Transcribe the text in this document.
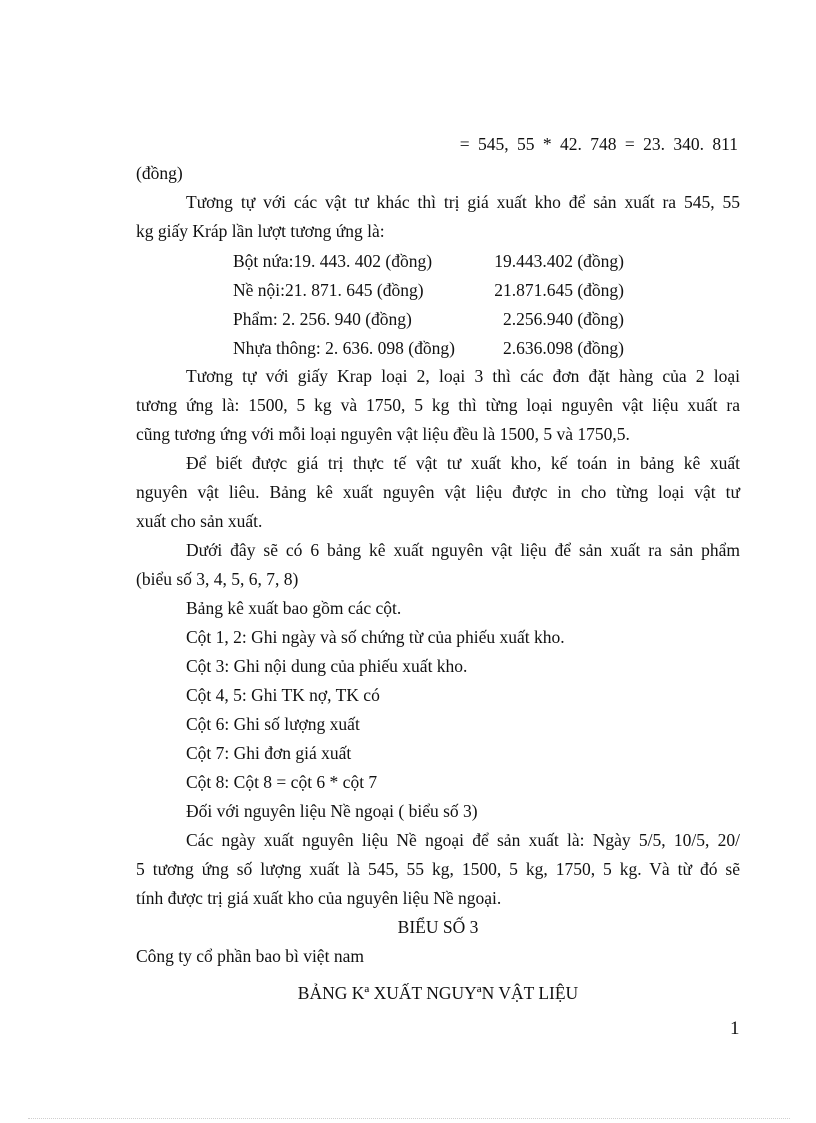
= 545, 55 * 42. 748 = 23. 340. 811
(đồng)
Tương tự với các vật tư khác thì trị giá xuất kho để sản xuất ra 545, 55
kg giấy Kráp lần lượt tương ứng là:
Bột nứa:19. 443. 402 (đồng)	19.443.402 (đồng)
Nề nội:21. 871. 645 (đồng)	21.871.645 (đồng)
Phẩm: 2. 256. 940 (đồng)	2.256.940 (đồng)
Nhựa thông: 2. 636. 098 (đồng)	2.636.098 (đồng)
Tương tự với giấy Krap loại 2, loại 3 thì các đơn đặt hàng của 2 loại
tương ứng là: 1500, 5 kg và 1750, 5 kg thì từng loại nguyên vật liệu xuất ra
cũng tương ứng với mỗi loại nguyên vật liệu đều là 1500, 5 và 1750,5.
Để biết được giá trị thực tế vật tư xuất kho, kế toán in bảng kê xuất
nguyên vật liêu. Bảng kê xuất nguyên vật liệu được in cho từng loại vật tư
xuất cho sản xuất.
Dưới đây sẽ có 6 bảng kê xuất nguyên vật liệu để sản xuất ra sản phẩm
(biểu số 3, 4, 5, 6, 7, 8)
Bảng kê xuất bao gồm các cột.
Cột 1, 2: Ghi ngày và số chứng từ của phiếu xuất kho.
Cột 3: Ghi nội dung của phiếu xuất kho.
Cột 4, 5: Ghi TK nợ, TK có
Cột 6: Ghi số lượng xuất
Cột 7: Ghi đơn giá xuất
Cột 8: Cột 8 = cột 6 * cột 7
Đối với nguyên liệu Nề ngoại ( biểu số 3)
Các ngày xuất nguyên liệu Nề ngoại để sản xuất là: Ngày 5/5, 10/5, 20/
5 tương ứng số lượng xuất là 545, 55 kg, 1500, 5 kg, 1750, 5 kg. Và từ đó sẽ
tính được trị giá xuất kho của nguyên liệu Nề ngoại.
BIỂU SỐ 3
Công ty cổ phần bao bì việt nam
BẢNG Kª XUẤT NGUYªN VẬT LIỆU
1
